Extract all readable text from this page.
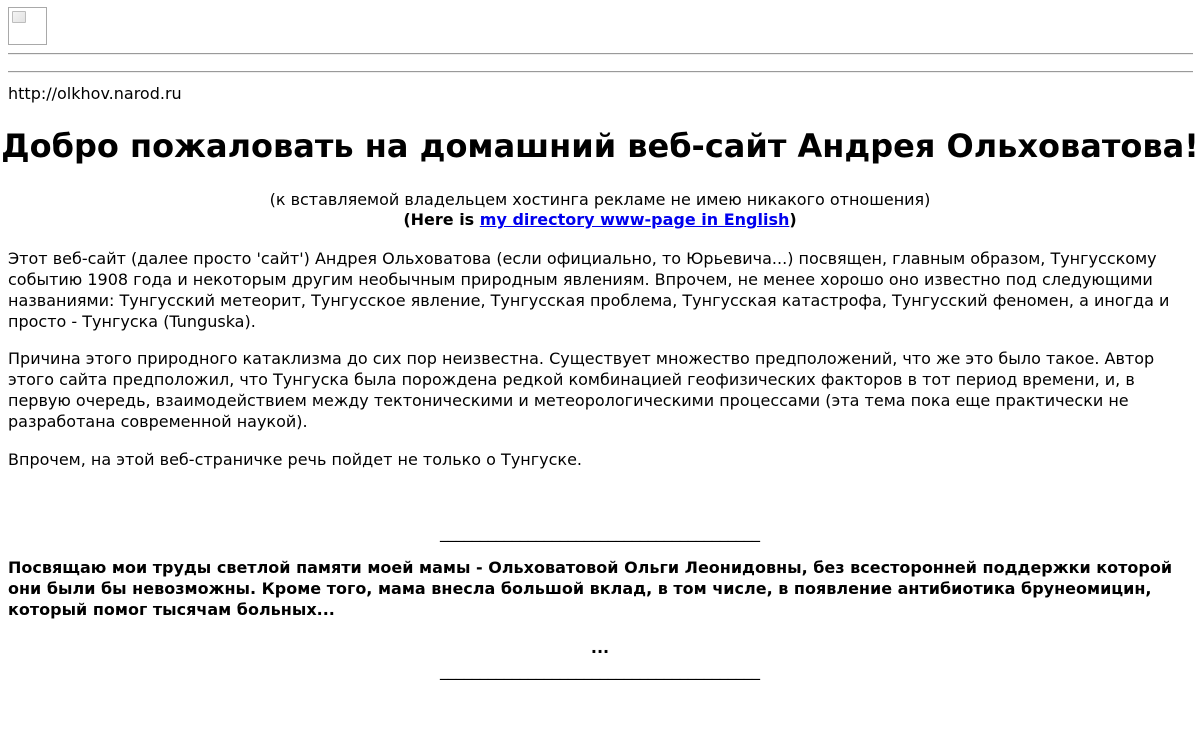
http://olkhov.narod.ru
Добро пожаловать на домашний веб-сайт Андрея Ольховатова!
(к вставляемой владельцем хостинга рекламе не имею никакого отношения)
(Here is my directory www-page in English)

Этот веб-сайт (далее просто 'сайт') Андрея Ольховатова (если официально, то Юрьевича...) посвящен, главным образом, Тунгусскому событию 1908 года и некоторым другим необычным природным явлениям. Впрочем, не менее хорошо оно известно под следующими названиями: Тунгусский метеорит, Тунгусское явление, Тунгусская проблема, Тунгусская катастрофа, Тунгусский феномен, а иногда и просто - Тунгуска (Tunguska).

Причина этого природного катаклизма до сих пор неизвестна. Существует множество предположений, что же это было такое. Автор этого сайта предположил, что Тунгуска была порождена редкой комбинацией геофизических факторов в тот период времени, и, в первую очередь, взаимодействием между тектоническими и метеорологическими процессами (эта тема пока еще практически не разработана современной наукой).

Впрочем, на этой веб-страничке речь пойдет не только о Тунгуске.

________________________________________

Посвящаю мои труды светлой памяти моей мамы - Ольховатовой Ольги Леонидовны, без всесторонней поддержки которой они были бы невозможны. Кроме того, мама внесла большой вклад, в том числе, в появление антибиотика брунеомицин, который помог тысячам больных...

...
________________________________________
